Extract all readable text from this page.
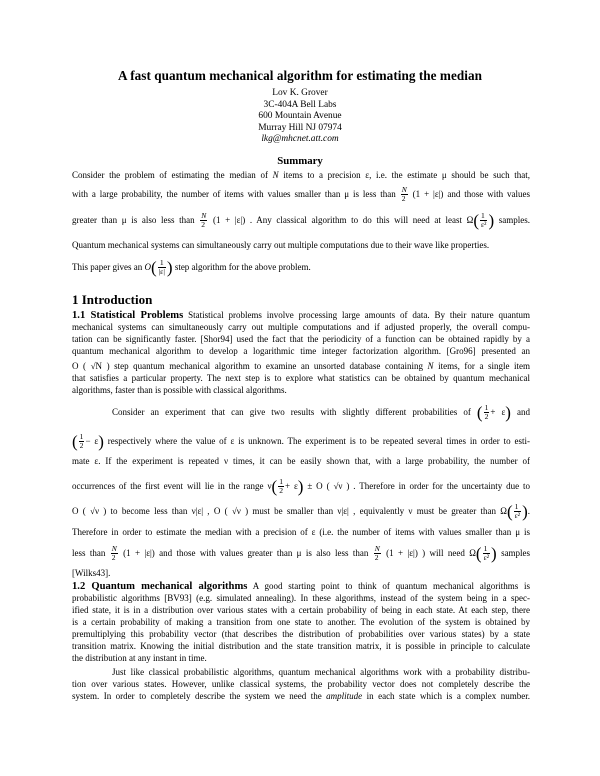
A fast quantum mechanical algorithm for estimating the median
Lov K. Grover
3C-404A Bell Labs
600 Mountain Avenue
Murray Hill NJ 07974
lkg@mhcnet.att.com
Summary
Consider the problem of estimating the median of N items to a precision ε, i.e. the estimate μ should be such that,
with a large probability, the number of items with values smaller than μ is less than $\frac{N}{2} (1 + |\varepsilon|)$ and those with values
greater than μ is also less than $\frac{N}{2} (1 + |\varepsilon|)$ . Any classical algorithm to do this will need at least $\Omega( \frac{1}{\text{ε²}}$ ) samples.
Quantum mechanical systems can simultaneously carry out multiple computations due to their wave like properties.
This paper gives an $O( \frac{1}{|\varepsilon|}$ ) step algorithm for the above problem.
1 Introduction
1.1 Statistical Problems Statistical problems involve processing large amounts of data. By their nature quantum
mechanical systems can simultaneously carry out multiple computations and if adjusted properly, the overall compu-
tation can be significantly faster. [Shor94] used the fact that the periodicity of a function can be obtained rapidly by a
quantum mechanical algorithm to develop a logarithmic time integer factorization algorithm. [Gro96] presented an
O ( √N ) step quantum mechanical algorithm to examine an unsorted database containing N items, for a single item
that satisfies a particular property. The next step is to explore what statistics can be obtained by quantum mechanical
algorithms, faster than is possible with classical algorithms.
Consider an experiment that can give two results with slightly different probabilities of ( $\frac{1}{2} + \varepsilon$) and
( $\frac{1}{2} - \varepsilon$) respectively where the value of ε is unknown. The experiment is to be repeated several times in order to esti-
mate ε. If the experiment is repeated ν times, it can be easily shown that, with a large probability, the number of
occurrences of the first event will lie in the range $\nu( \frac{1}{2} + \varepsilon) \pm O$ ( √ν ) . Therefore in order for the uncertainty due to
O ( √ν ) to become less than ν|ε| , O ( √ν ) must be smaller than ν|ε| , equivalently ν must be greater than $\Omega( \frac{1}{\text{ε²}}$ ).
Therefore in order to estimate the median with a precision of ε (i.e. the number of items with values smaller than μ is
less than $\frac{N}{2} (1 + |\varepsilon|)$ and those with values greater than μ is also less than $\frac{N}{2} (1 + |\varepsilon|)$ ) will need $\Omega( \frac{1}{\text{ε²}}$ ) samples
[Wilks43].
1.2 Quantum mechanical algorithms A good starting point to think of quantum mechanical algorithms is
probabilistic algorithms [BV93] (e.g. simulated annealing). In these algorithms, instead of the system being in a spec-
ified state, it is in a distribution over various states with a certain probability of being in each state. At each step, there
is a certain probability of making a transition from one state to another. The evolution of the system is obtained by
premultiplying this probability vector (that describes the distribution of probabilities over various states) by a state
transition matrix. Knowing the initial distribution and the state transition matrix, it is possible in principle to calculate
the distribution at any instant in time.
Just like classical probabilistic algorithms, quantum mechanical algorithms work with a probability distribu-
tion over various states. However, unlike classical systems, the probability vector does not completely describe the
system. In order to completely describe the system we need the amplitude in each state which is a complex number.
